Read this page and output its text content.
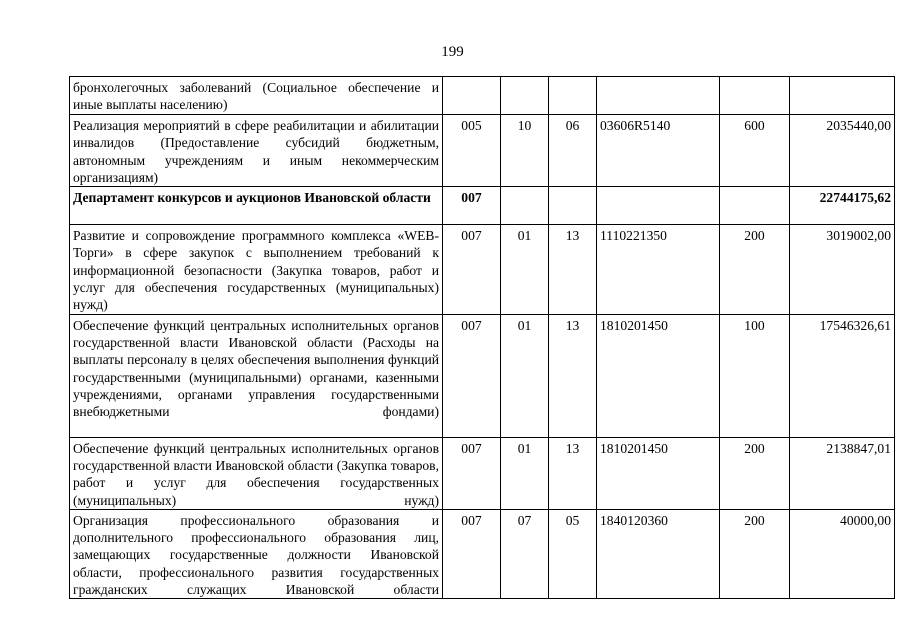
199
бронхолегочных заболеваний (Социальное обеспечение и иные выплаты населению)						
Реализация мероприятий в сфере реабилитации и абилитации инвалидов (Предоставление субсидий бюджетным, автономным учреждениям и иным некоммерческим организациям)	005	10	06	03606R5140	600	2035440,00
Департамент конкурсов и аукционов Ивановской области	007					22744175,62
Развитие и сопровождение программного комплекса «WEB-Торги» в сфере закупок с выполнением требований к информационной безопасности (Закупка товаров, работ и услуг для обеспечения государственных (муниципальных) нужд)	007	01	13	1110221350	200	3019002,00
Обеспечение функций центральных исполнительных органов государственной власти Ивановской области (Расходы на выплаты персоналу в целях обеспечения выполнения функций государственными (муниципальными) органами, казенными учреждениями, органами управления государственными внебюджетными фондами)	007	01	13	1810201450	100	17546326,61
Обеспечение функций центральных исполнительных органов государственной власти Ивановской области (Закупка товаров, работ и услуг для обеспечения государственных (муниципальных) нужд)	007	01	13	1810201450	200	2138847,01
Организация профессионального образования и дополнительного профессионального образования лиц, замещающих государственные должности Ивановской области, профессионального развития государственных гражданских служащих Ивановской области	007	07	05	1840120360	200	40000,00
